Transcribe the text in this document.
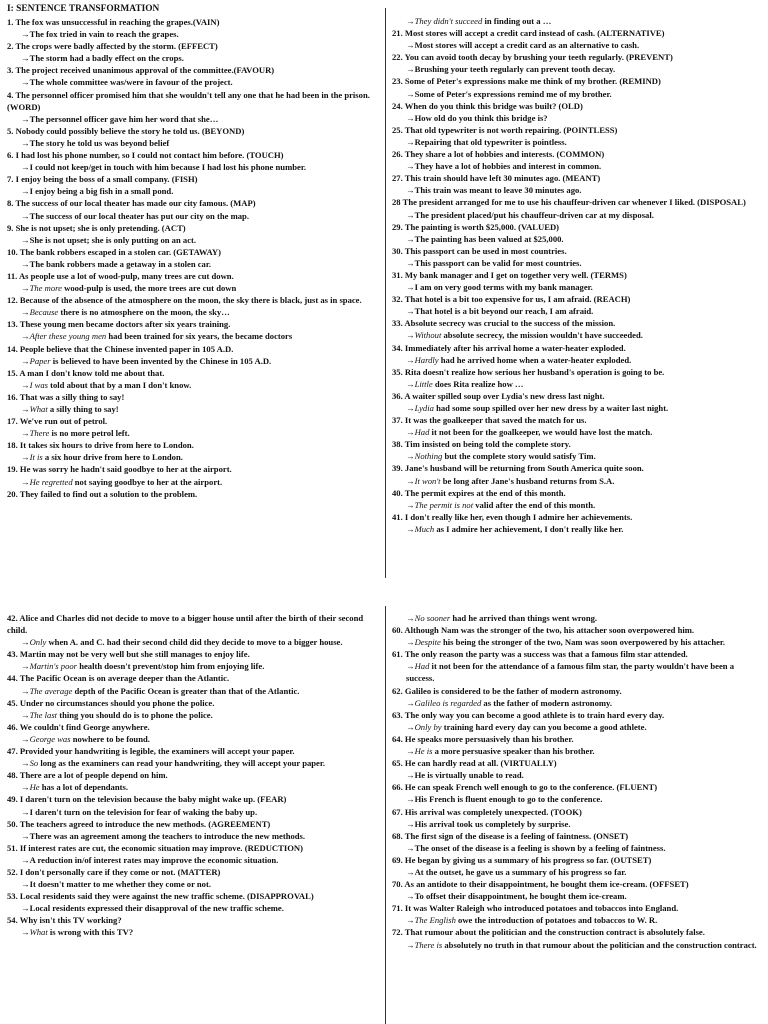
I: SENTENCE TRANSFORMATION

1. The fox was unsuccessful in reaching the grapes.(VAIN)

→The fox tried in vain to reach the grapes.

2. The crops were badly affected by the storm. (EFFECT)

→The storm had a badly effect on the crops.

3. The project received unanimous approval of the committee.(FAVOUR)

→The whole committee was/were in favour of the project.

4. The personnel officer promised him that she wouldn't tell any one that he had been in the prison. (WORD)

→The personnel officer gave him her word that she…

5. Nobody could possibly believe the story he told us. (BEYOND)

→The story he told us was beyond belief

6. I had lost his phone number, so I could not contact him before. (TOUCH)

→I could not keep/get in touch with him because I had lost his phone number.

7. I enjoy being the boss of a small company. (FISH)

→I enjoy being a big fish in a small pond.

8. The success of our local theater has made our city famous. (MAP)

→The success of our local theater has put our city on the map.

9. She is not upset; she is only pretending. (ACT)

→She is not upset; she is only putting on an act.

10. The bank robbers escaped in a stolen car. (GETAWAY)

→The bank robbers made a getaway in a stolen car.

11. As people use a lot of wood-pulp, many trees are cut down.

→The more wood-pulp is used, the more trees are cut down

12. Because of the absence of the atmosphere on the moon, the sky there is black, just as in space.

→Because there is no atmosphere on the moon, the sky…

13. These young men became doctors after six years training.

→After these young men had been trained for six years, the became doctors

14. People believe that the Chinese invented paper in 105 A.D.

→Paper is believed to have been invented by the Chinese in 105 A.D.

15. A man I don't know told me about that.

→I was told about that by a man I don't know.

16. That was a silly thing to say!

→What a silly thing to say!

17. We've run out of petrol.

→There is no more petrol left.

18. It takes six hours to drive from here to London.

→It is a six hour drive from here to London.

19. He was sorry he hadn't said goodbye to her at the airport.

→He regretted not saying goodbye to her at the airport.

20. They failed to find out a solution to the problem.

→They didn't succeed in finding out a …

21. Most stores will accept a credit card instead of cash. (ALTERNATIVE)

→Most stores will accept a credit card as an alternative to cash.

22. You can avoid tooth decay by brushing your teeth regularly. (PREVENT)

→Brushing your teeth regularly can prevent tooth decay.

23. Some of Peter's expressions make me think of my brother. (REMIND)

→Some of Peter's expressions remind me of my brother.

24. When do you think this bridge was built? (OLD)

→How old do you think this bridge is?

25. That old typewriter is not worth repairing. (POINTLESS)

→Repairing that old typewriter is pointless.

26. They share a lot of hobbies and interests. (COMMON)

→They have a lot of hobbies and interest in common.

27. This train should have left 30 minutes ago. (MEANT)

→This train was meant to leave 30 minutes ago.

28 The president arranged for me to use his chauffeur-driven car whenever I liked. (DISPOSAL)

→The president placed/put his chauffeur-driven car at my disposal.

29. The painting is worth $25,000. (VALUED)

→The painting has been valued at $25,000.

30. This passport can be used in most countries.

→This passport can be valid for most countries.

31. My bank manager and I get on together very well. (TERMS)

→I am on very good terms with my bank manager.

32. That hotel is a bit too expensive for us, I am afraid. (REACH)

→That hotel is a bit beyond our reach, I am afraid.

33. Absolute secrecy was crucial to the success of the mission.

→Without absolute secrecy, the mission wouldn't have succeeded.

34. Immediately after his arrival home a water-heater exploded.

→Hardly had he arrived home when a water-heater exploded.

35. Rita doesn't realize how serious her husband's operation is going to be.

→Little does Rita realize how …

36. A waiter spilled soup over Lydia's new dress last night.

→Lydia had some soup spilled over her new dress by a waiter last night.

37. It was the goalkeeper that saved the match for us.

→Had it not been for the goalkeeper, we would have lost the match.

38. Tim insisted on being told the complete story.

→Nothing but the complete story would satisfy Tim.

39. Jane's husband will be returning from South America quite soon.

→It won't be long after Jane's husband returns from S.A.

40. The permit expires at the end of this month.

→The permit is not valid after the end of this month.

41. I don't really like her, even though I admire her achievements.

→Much as I admire her achievement, I don't really like her.

42. Alice and Charles did not decide to move to a bigger house until after the birth of their second child.

→Only when A. and C. had their second child did they decide to move to a bigger house.

43. Martin may not be very well but she still manages to enjoy life.

→Martin's poor health doesn't prevent/stop him from enjoying life.

44. The Pacific Ocean is on average deeper than the Atlantic.

→The average depth of the Pacific Ocean is greater than that of the Atlantic.

45. Under no circumstances should you phone the police.

→The last thing you should do is to phone the police.

46. We couldn't find George anywhere.

→George was nowhere to be found.

47. Provided your handwriting is legible, the examiners will accept your paper.

→So long as the examiners can read your handwriting, they will accept your paper.

48. There are a lot of people depend on him.

→He has a lot of dependants.

49. I daren't turn on the television because the baby might wake up. (FEAR)

→I daren't turn on the television for fear of waking the baby up.

50. The teachers agreed to introduce the new methods. (AGREEMENT)

→There was an agreement among the teachers to introduce the new methods.

51. If interest rates are cut, the economic situation may improve. (REDUCTION)

→A reduction in/of interest rates may improve the economic situation.

52. I don't personally care if they come or not. (MATTER)

→It doesn't matter to me whether they come or not.

53. Local residents said they were against the new traffic scheme. (DISAPPROVAL)

→Local residents expressed their disapproval of the new traffic scheme.

54. Why isn't this TV working?

→What is wrong with this TV?

→No sooner had he arrived than things went wrong.

60. Although Nam was the stronger of the two, his attacher soon overpowered him.

→Despite his being the stronger of the two, Nam was soon overpowered by his attacher.

61. The only reason the party was a success was that a famous film star attended.

→Had it not been for the attendance of a famous film star, the party wouldn't have been a success.

62. Galileo is considered to be the father of modern astronomy.

→Galileo is regarded as the father of modern astronomy.

63. The only way you can become a good athlete is to train hard every day.

→Only by training hard every day can you become a good athlete.

64. He speaks more persuasively than his brother.

→He is a more persuasive speaker than his brother.

65. He can hardly read at all. (VIRTUALLY)

→He is virtually unable to read.

66. He can speak French well enough to go to the conference. (FLUENT)

→His French is fluent enough to go to the conference.

67. His arrival was completely unexpected. (TOOK)

→His arrival took us completely by surprise.

68. The first sign of the disease is a feeling of faintness. (ONSET)

→The onset of the disease is a feeling is shown by a feeling of faintness.

69. He began by giving us a summary of his progress so far. (OUTSET)

→At the outset, he gave us a summary of his progress so far.

70. As an antidote to their disappointment, he bought them ice-cream. (OFFSET)

→To offset their disappointment, he bought them ice-cream.

71. It was Walter Raleigh who introduced potatoes and tobaccos into England.

→The English owe the introduction of potatoes and tobaccos to W. R.

72. That rumour about the politician and the construction contract is absolutely false.

→There is absolutely no truth in that rumour about the politician and the construction contract.
